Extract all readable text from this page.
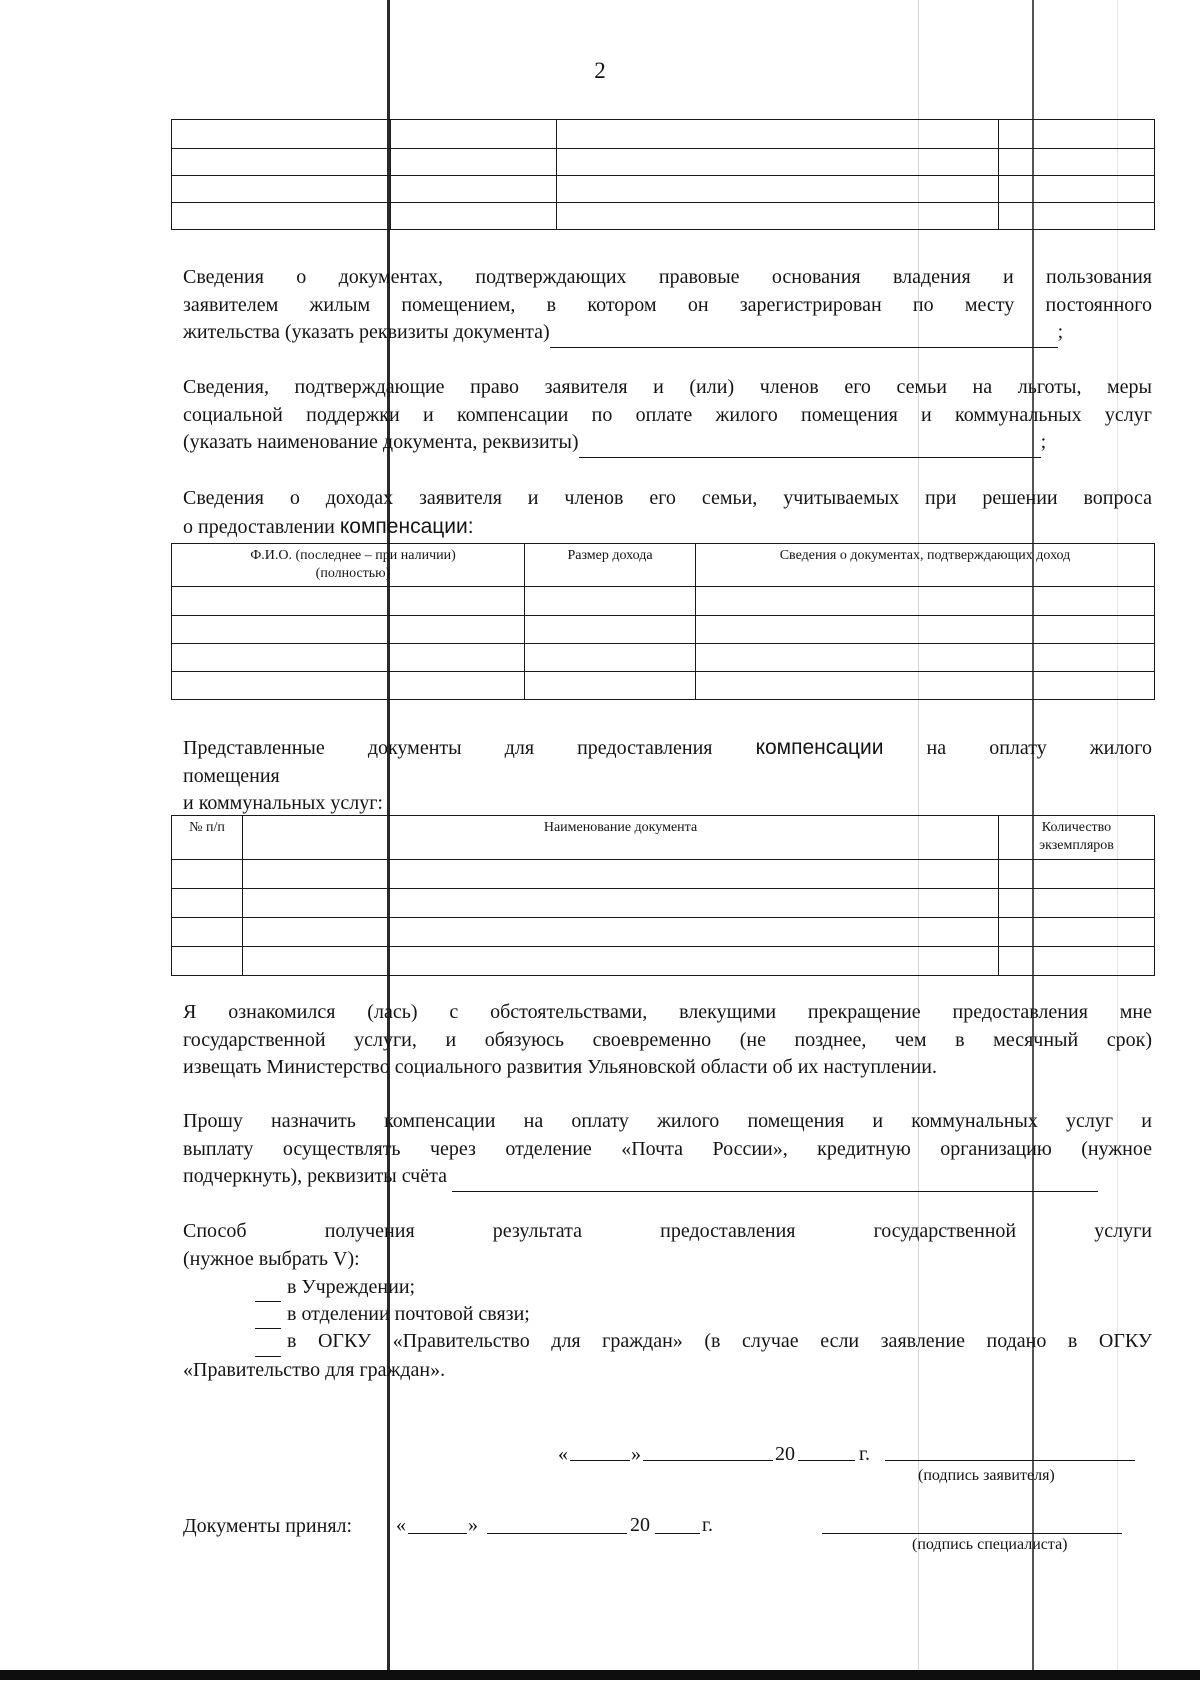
2

Сведения о документах, подтверждающих правовые основания владения и пользования
заявителем жилым помещением, в котором он зарегистрирован по месту постоянного
жительства (указать реквизиты документа)	;
Сведения, подтверждающие право заявителя и (или) членов его семьи на льготы, меры
социальной поддержки и компенсации по оплате жилого помещения и коммунальных услуг
(указать наименование документа, реквизиты)	;
Сведения о доходах заявителя и членов его семьи, учитываемых при решении вопроса
о предоставлении компенсации:
Ф.И.О. (последнее – при наличии) (полностью)	Размер дохода	Сведения о документах, подтверждающих доход

Представленные документы для предоставления компенсации на оплату жилого
помещения
и коммунальных услуг:
№ п/п	Наименование документа	Количество экземпляров

Я ознакомился (лась) с обстоятельствами, влекущими прекращение предоставления мне
государственной услуги, и обязуюсь своевременно (не позднее, чем в месячный срок)
извещать Министерство социального развития Ульяновской области об их наступлении.
Прошу назначить компенсации на оплату жилого помещения и коммунальных услуг и
выплату осуществлять через отделение «Почта России», кредитную организацию (нужное
подчеркнуть), реквизиты счёта
Способ получения результата предоставления государственной услуги
(нужное выбрать V):
в Учреждении;
в отделении почтовой связи;
в ОГКУ «Правительство для граждан» (в случае если заявление подано в ОГКУ
«Правительство для граждан».
«	»	20	г.
(подпись заявителя)
Документы принял: «	»	20	г.
(подпись специалиста)
